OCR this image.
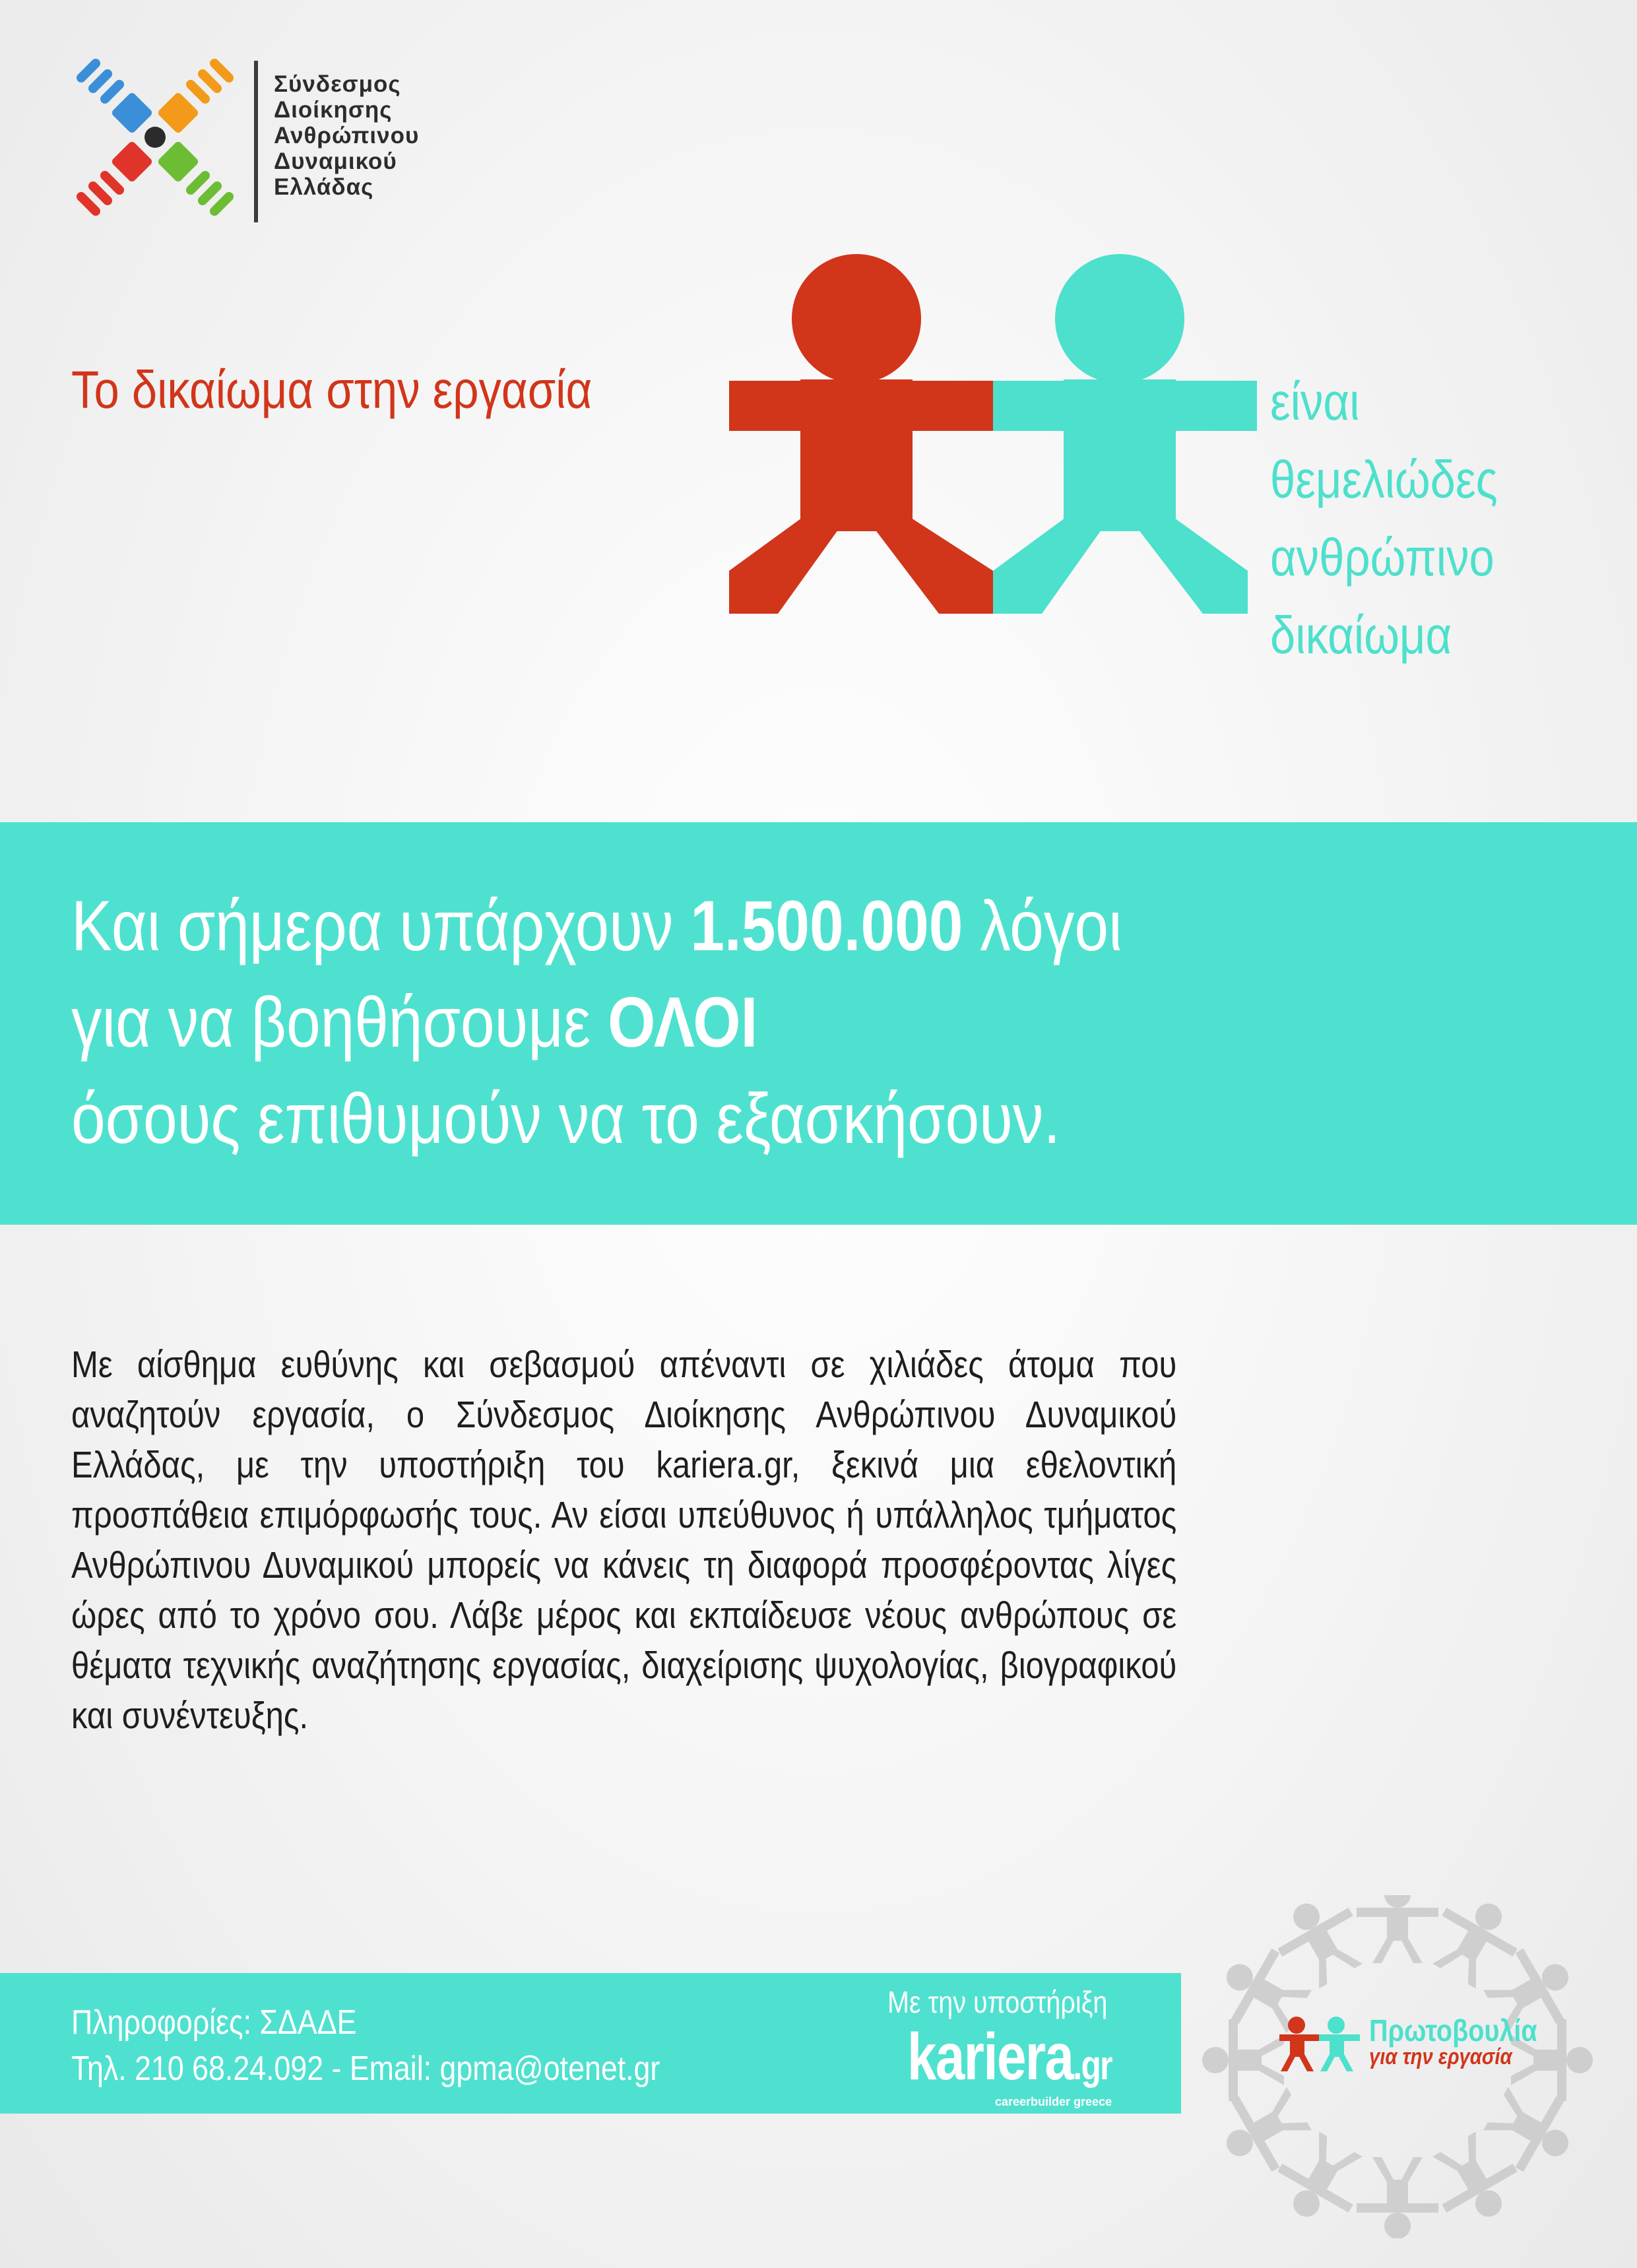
Σύνδεσμος
Διοίκησης
Ανθρώπινου
Δυναμικού
Ελλάδας
Το δικαίωμα στην εργασία	είναι
θεμελιώδες
ανθρώπινο
δικαίωμα
Και σήμερα υπάρχουν 1.500.000 λόγοι
για να βοηθήσουμε ΟΛΟΙ
όσους επιθυμούν να το εξασκήσουν.
Με αίσθημα ευθύνης και σεβασμού απέναντι σε χιλιάδες άτομα που αναζητούν εργασία, ο Σύνδεσμος Διοίκησης Ανθρώπινου Δυναμικού Ελλάδας, με την υποστήριξη του kariera.gr, ξεκινά μια εθελοντική προσπάθεια επιμόρφωσής τους. Αν είσαι υπεύθυνος ή υπάλληλος τμήματος Ανθρώπινου Δυναμικού μπορείς να κάνεις τη διαφορά προσφέροντας λίγες ώρες από το χρόνο σου. Λάβε μέρος και εκπαίδευσε νέους ανθρώπους σε θέματα τεχνικής αναζήτησης εργασίας, διαχείρισης ψυχολογίας, βιογραφικού και συνέντευξης.
Πληροφορίες: ΣΔΑΔΕ
Τηλ. 210 68.24.092 - Email: gpma@otenet.gr
Με την υποστήριξη
kariera.gr
careerbuilder greece
Πρωτοβουλία
για την εργασία
